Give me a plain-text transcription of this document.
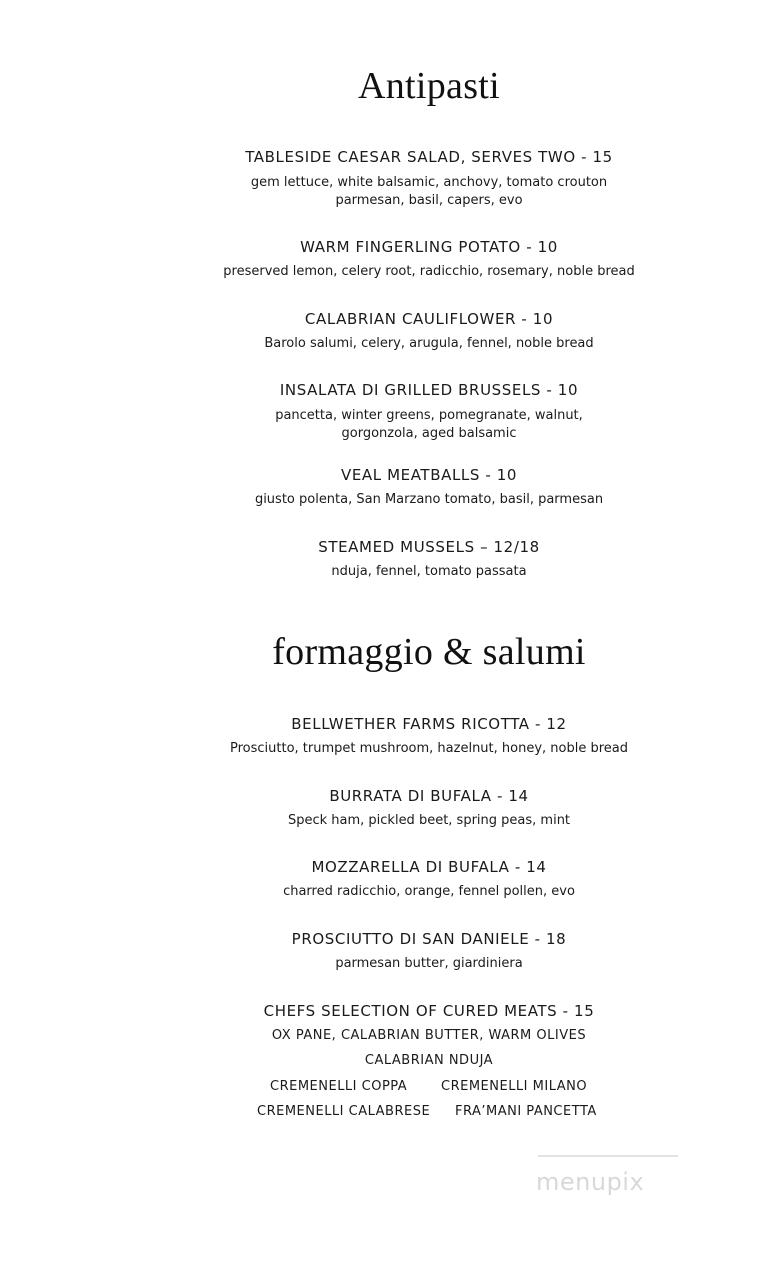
Antipasti
TABLESIDE CAESAR SALAD, SERVES TWO - 15
gem lettuce, white balsamic, anchovy, tomato crouton
parmesan, basil, capers, evo
WARM FINGERLING POTATO - 10
preserved lemon, celery root, radicchio, rosemary, noble bread
CALABRIAN CAULIFLOWER - 10
Barolo salumi, celery, arugula, fennel, noble bread
INSALATA DI GRILLED BRUSSELS - 10
pancetta, winter greens, pomegranate, walnut,
gorgonzola, aged balsamic
VEAL MEATBALLS - 10
giusto polenta, San Marzano tomato, basil, parmesan
STEAMED MUSSELS – 12/18
nduja, fennel, tomato passata
formaggio & salumi
BELLWETHER FARMS RICOTTA - 12
Prosciutto, trumpet mushroom, hazelnut, honey, noble bread
BURRATA DI BUFALA - 14
Speck ham, pickled beet, spring peas, mint
MOZZARELLA DI BUFALA - 14
charred radicchio, orange, fennel pollen, evo
PROSCIUTTO DI SAN DANIELE - 18
parmesan butter, giardiniera
CHEFS SELECTION OF CURED MEATS - 15
OX PANE, CALABRIAN BUTTER, WARM OLIVES
CALABRIAN NDUJA
CREMENELLI COPPA	CREMENELLI MILANO
CREMENELLI CALABRESE FRA’MANI PANCETTA
menupix
